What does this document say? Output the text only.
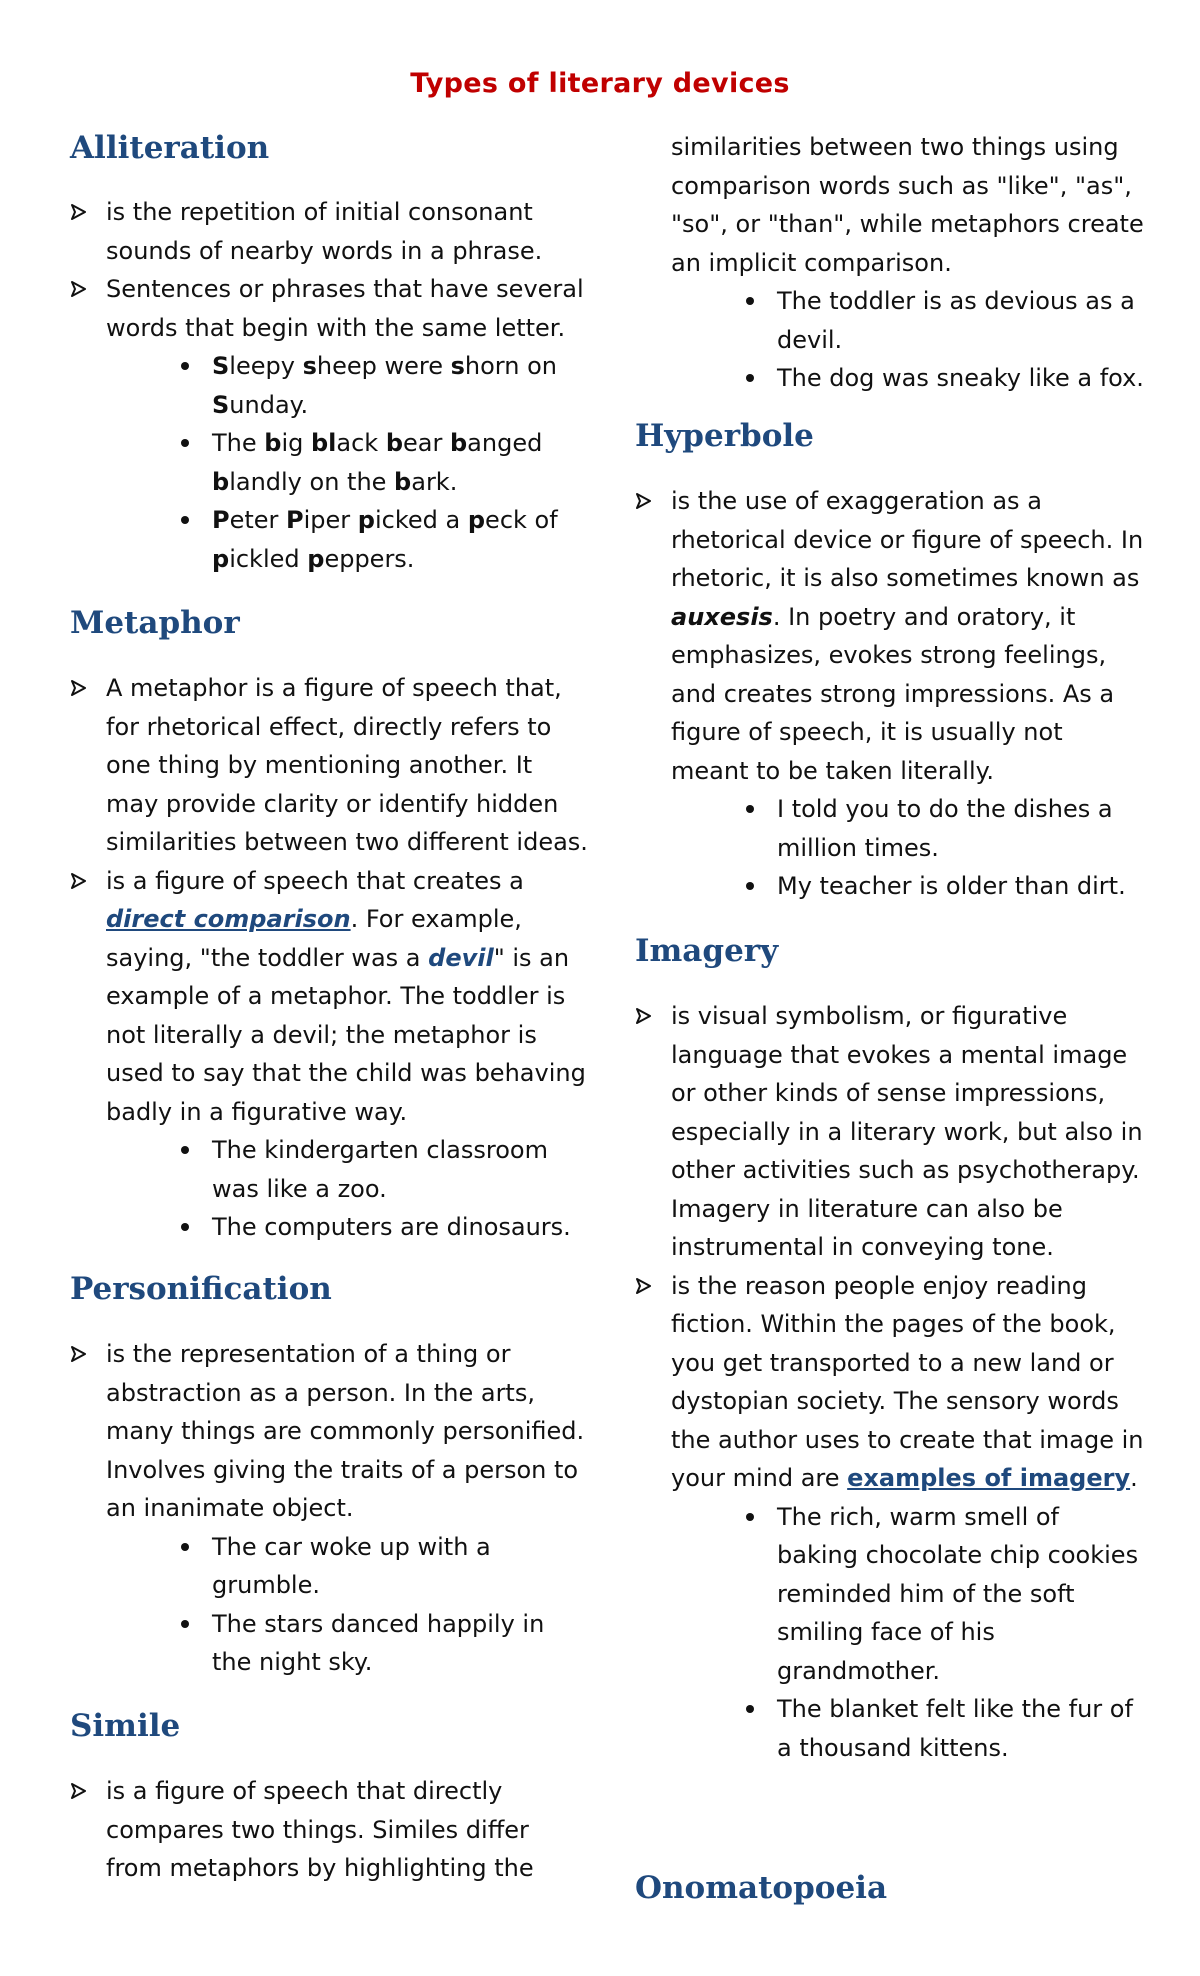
Types of literary devices
Alliteration
is the repetition of initial consonant sounds of nearby words in a phrase.
Sentences or phrases that have several words that begin with the same letter.
Sleepy sheep were shorn on Sunday.
The big black bear banged blandly on the bark.
Peter Piper picked a peck of pickled peppers.
Metaphor
A metaphor is a figure of speech that, for rhetorical effect, directly refers to one thing by mentioning another. It may provide clarity or identify hidden similarities between two different ideas.
is a figure of speech that creates a direct comparison. For example, saying, "the toddler was a devil" is an example of a metaphor. The toddler is not literally a devil; the metaphor is used to say that the child was behaving badly in a figurative way.
The kindergarten classroom was like a zoo.
The computers are dinosaurs.
Personification
is the representation of a thing or abstraction as a person. In the arts, many things are commonly personified. Involves giving the traits of a person to an inanimate object.
The car woke up with a grumble.
The stars danced happily in the night sky.
Simile
is a figure of speech that directly compares two things. Similes differ from metaphors by highlighting the
similarities between two things using comparison words such as "like", "as", "so", or "than", while metaphors create an implicit comparison.
The toddler is as devious as a devil.
The dog was sneaky like a fox.
Hyperbole
is the use of exaggeration as a rhetorical device or figure of speech. In rhetoric, it is also sometimes known as auxesis. In poetry and oratory, it emphasizes, evokes strong feelings, and creates strong impressions. As a figure of speech, it is usually not meant to be taken literally.
I told you to do the dishes a million times.
My teacher is older than dirt.
Imagery
is visual symbolism, or figurative language that evokes a mental image or other kinds of sense impressions, especially in a literary work, but also in other activities such as psychotherapy. Imagery in literature can also be instrumental in conveying tone.
is the reason people enjoy reading fiction. Within the pages of the book, you get transported to a new land or dystopian society. The sensory words the author uses to create that image in your mind are examples of imagery.
The rich, warm smell of baking chocolate chip cookies reminded him of the soft smiling face of his grandmother.
The blanket felt like the fur of a thousand kittens.
Onomatopoeia
